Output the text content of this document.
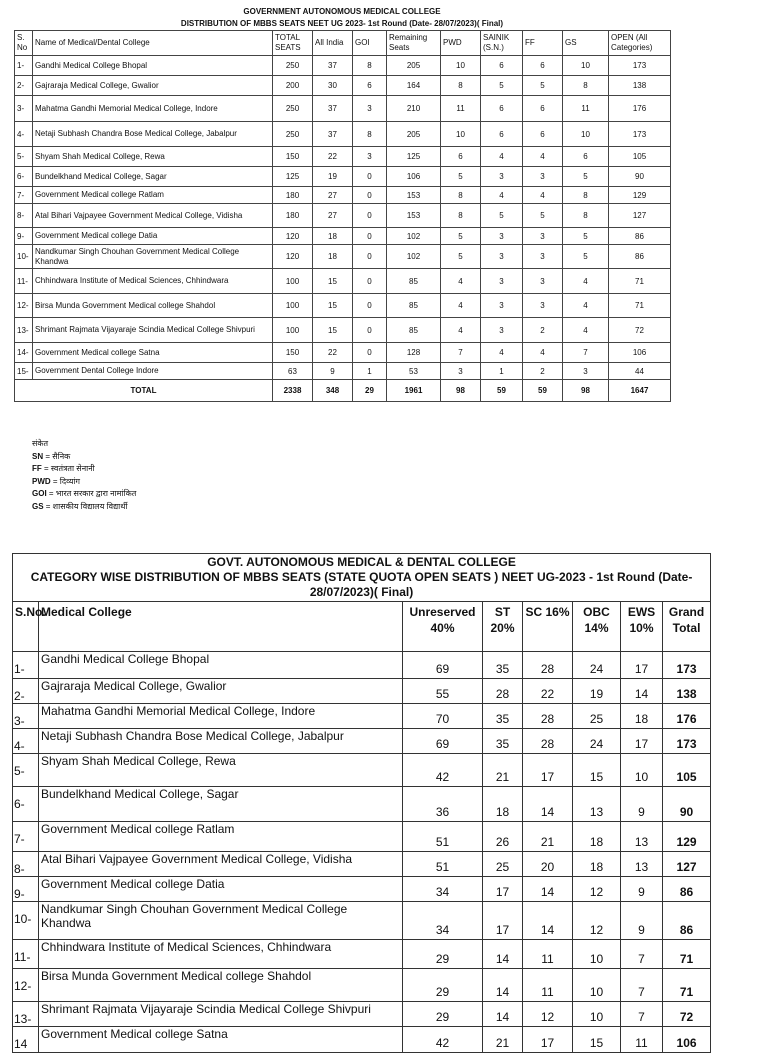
GOVERNMENT AUTONOMOUS MEDICAL COLLEGE
DISTRIBUTION OF MBBS SEATS NEET UG 2023- 1st Round (Date- 28/07/2023)( Final)
S. No	Name of Medical/Dental College	TOTAL SEATS	All India	GOI	Remaining Seats	PWD	SAINIK (S.N.)	FF	GS	OPEN (All Categories)
1-	Gandhi Medical College Bhopal	250	37	8	205	10	6	6	10	173
2-	Gajraraja Medical College, Gwalior	200	30	6	164	8	5	5	8	138
3-	Mahatma Gandhi Memorial Medical College, Indore	250	37	3	210	11	6	6	11	176
4-	Netaji Subhash Chandra Bose Medical College, Jabalpur	250	37	8	205	10	6	6	10	173
5-	Shyam Shah Medical College, Rewa	150	22	3	125	6	4	4	6	105
6-	Bundelkhand Medical College, Sagar	125	19	0	106	5	3	3	5	90
7-	Government Medical college Ratlam	180	27	0	153	8	4	4	8	129
8-	Atal Bihari Vajpayee Government Medical College, Vidisha	180	27	0	153	8	5	5	8	127
9-	Government Medical college Datia	120	18	0	102	5	3	3	5	86
10-	Nandkumar Singh Chouhan Government Medical College Khandwa	120	18	0	102	5	3	3	5	86
11-	Chhindwara Institute of Medical Sciences, Chhindwara	100	15	0	85	4	3	3	4	71
12-	Birsa Munda Government Medical college Shahdol	100	15	0	85	4	3	3	4	71
13-	Shrimant Rajmata Vijayaraje Scindia Medical College Shivpuri	100	15	0	85	4	3	2	4	72
14-	Government Medical college Satna	150	22	0	128	7	4	4	7	106
15-	Government Dental College Indore	63	9	1	53	3	1	2	3	44
TOTAL		2338	348	29	1961	98	59	59	98	1647
संकेत
SN = सैनिक
FF = स्वतंत्रता सेनानी
PWD = दिव्यांग
GOI = भारत सरकार द्वारा नामांकित
GS = शासकीय विद्यालय विद्यार्थी
GOVT. AUTONOMOUS MEDICAL & DENTAL COLLEGE
CATEGORY WISE DISTRIBUTION OF MBBS SEATS (STATE QUOTA OPEN SEATS ) NEET UG-2023 - 1st Round (Date- 28/07/2023)( Final)							

S.No.	Medical College	Unreserved 40%	ST 20%	SC 16%	OBC 14%	EWS 10%	Grand Total
1-	Gandhi Medical College Bhopal	69	35	28	24	17	173
2-	Gajraraja Medical College, Gwalior	55	28	22	19	14	138
3-	Mahatma Gandhi Memorial Medical College, Indore	70	35	28	25	18	176
4-	Netaji Subhash Chandra Bose Medical College, Jabalpur	69	35	28	24	17	173
5-	Shyam Shah Medical College, Rewa	42	21	17	15	10	105
6-	Bundelkhand Medical College, Sagar	36	18	14	13	9	90
7-	Government Medical college Ratlam	51	26	21	18	13	129
8-	Atal Bihari Vajpayee Government Medical College, Vidisha	51	25	20	18	13	127
9-	Government Medical college Datia	34	17	14	12	9	86
10-	Nandkumar Singh Chouhan Government Medical College Khandwa	34	17	14	12	9	86
11-	Chhindwara Institute of Medical Sciences, Chhindwara	29	14	11	10	7	71
12-	Birsa Munda Government Medical college Shahdol	29	14	11	10	7	71
13-	Shrimant Rajmata Vijayaraje Scindia Medical College Shivpuri	29	14	12	10	7	72
14	Government Medical college Satna	42	21	17	15	11	106
